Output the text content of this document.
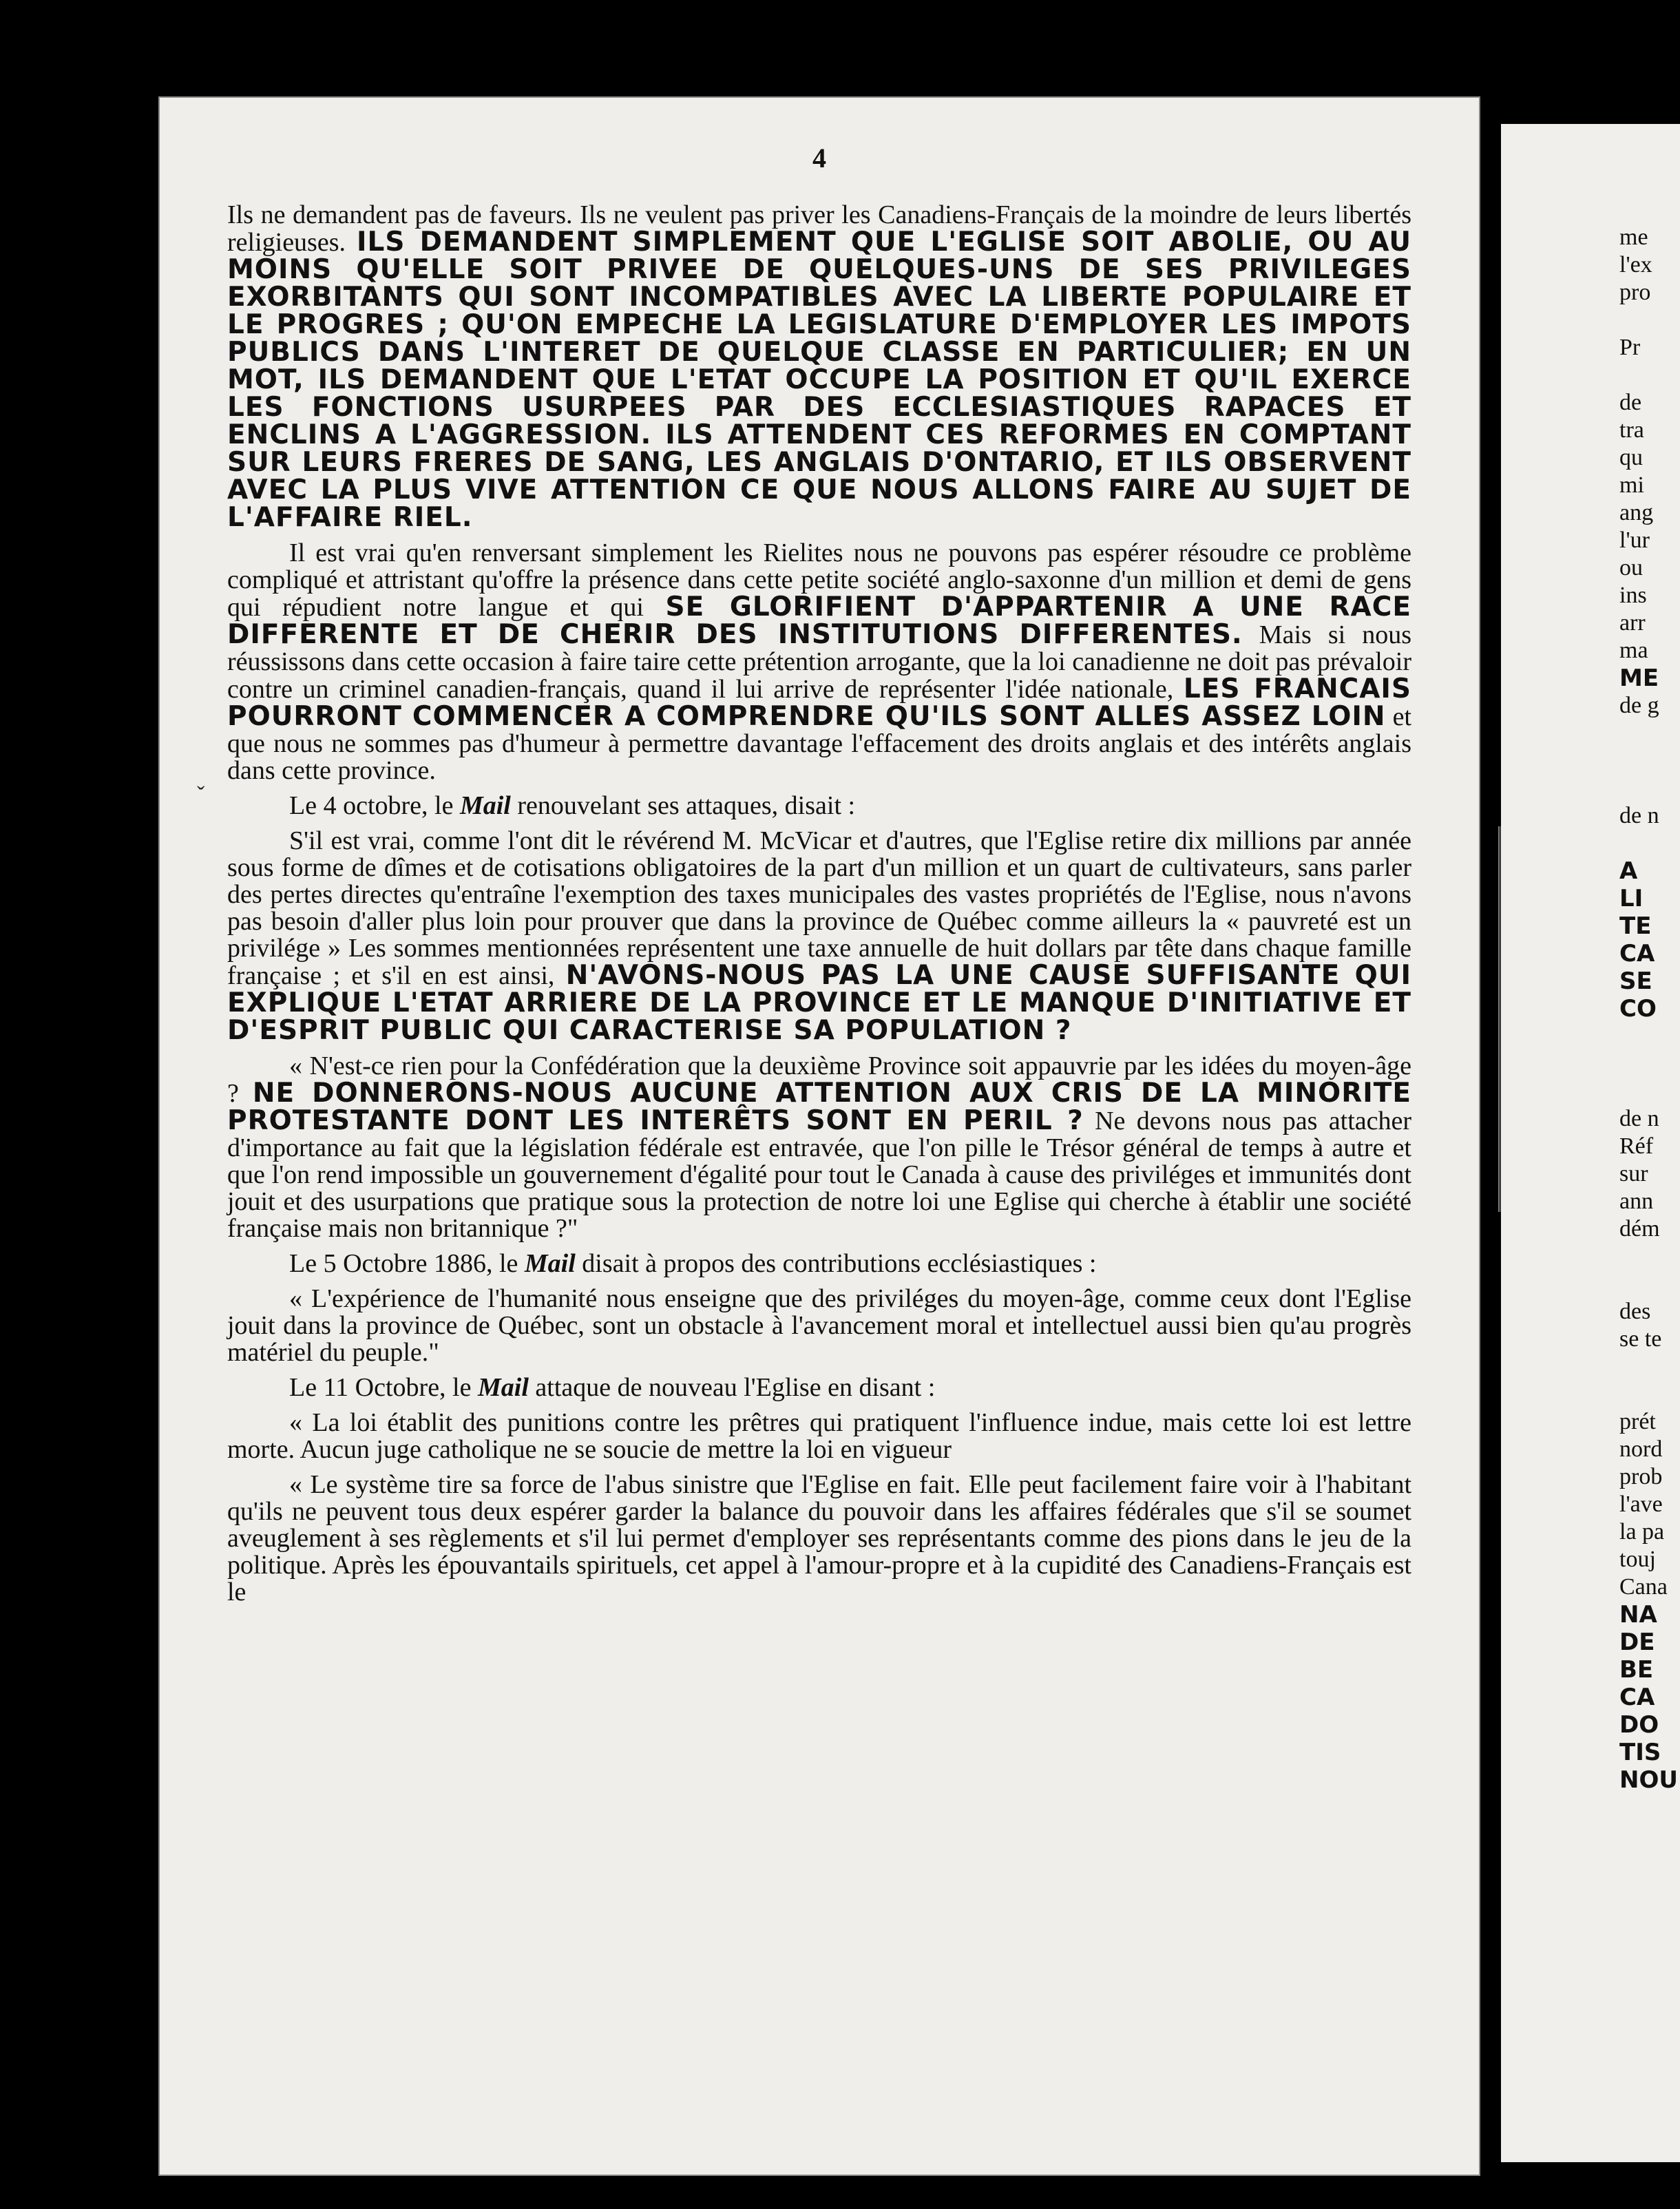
ˇ
4

Ils ne demandent pas de faveurs. Ils ne veulent pas priver les Canadiens-Français de la moindre de leurs libertés religieuses. ILS DEMANDENT SIMPLEMENT QUE L'EGLISE SOIT ABOLIE, OU AU MOINS QU'ELLE SOIT PRIVEE DE QUELQUES-UNS DE SES PRIVILEGES EXORBITANTS QUI SONT INCOMPATIBLES AVEC LA LIBERTE POPULAIRE ET LE PROGRES ; QU'ON EMPECHE LA LEGISLATURE D'EMPLOYER LES IMPOTS PUBLICS DANS L'INTERET DE QUELQUE CLASSE EN PARTICULIER; EN UN MOT, ILS DEMANDENT QUE L'ETAT OCCUPE LA POSITION ET QU'IL EXERCE LES FONCTIONS USURPEES PAR DES ECCLESIASTIQUES RAPACES ET ENCLINS A L'AGGRESSION. ILS ATTENDENT CES REFORMES EN COMPTANT SUR LEURS FRERES DE SANG, LES ANGLAIS D'ONTARIO, ET ILS OBSERVENT AVEC LA PLUS VIVE ATTENTION CE QUE NOUS ALLONS FAIRE AU SUJET DE L'AFFAIRE RIEL.

Il est vrai qu'en renversant simplement les Rielites nous ne pouvons pas espérer résoudre ce problème compliqué et attristant qu'offre la présence dans cette petite société anglo-saxonne d'un million et demi de gens qui répudient notre langue et qui SE GLORIFIENT D'APPARTENIR A UNE RACE DIFFERENTE ET DE CHERIR DES INSTITUTIONS DIFFERENTES. Mais si nous réussissons dans cette occasion à faire taire cette prétention arrogante, que la loi canadienne ne doit pas prévaloir contre un criminel canadien-français, quand il lui arrive de représenter l'idée nationale, LES FRANCAIS POURRONT COMMENCER A COMPRENDRE QU'ILS SONT ALLES ASSEZ LOIN et que nous ne sommes pas d'humeur à permettre davantage l'effacement des droits anglais et des intérêts anglais dans cette province.

Le 4 octobre, le Mail renouvelant ses attaques, disait :

S'il est vrai, comme l'ont dit le révérend M. McVicar et d'autres, que l'Eglise retire dix millions par année sous forme de dîmes et de cotisations obligatoires de la part d'un million et un quart de cultivateurs, sans parler des pertes directes qu'entraîne l'exemption des taxes municipales des vastes propriétés de l'Eglise, nous n'avons pas besoin d'aller plus loin pour prouver que dans la province de Québec comme ailleurs la « pauvreté est un privilége » Les sommes mentionnées représentent une taxe annuelle de huit dollars par tête dans chaque famille française ; et s'il en est ainsi, N'AVONS-NOUS PAS LA UNE CAUSE SUFFISANTE QUI EXPLIQUE L'ETAT ARRIERE DE LA PROVINCE ET LE MANQUE D'INITIATIVE ET D'ESPRIT PUBLIC QUI CARACTERISE SA POPULATION ?

« N'est-ce rien pour la Confédération que la deuxième Province soit appauvrie par les idées du moyen-âge ? NE DONNERONS-NOUS AUCUNE ATTENTION AUX CRIS DE LA MINORITE PROTESTANTE DONT LES INTERÊTS SONT EN PERIL ? Ne devons nous pas attacher d'importance au fait que la législation fédérale est entravée, que l'on pille le Trésor général de temps à autre et que l'on rend impossible un gouvernement d'égalité pour tout le Canada à cause des priviléges et immunités dont jouit et des usurpations que pratique sous la protection de notre loi une Eglise qui cherche à établir une société française mais non britannique ?"

Le 5 Octobre 1886, le Mail disait à propos des contributions ecclésiastiques :

« L'expérience de l'humanité nous enseigne que des priviléges du moyen-âge, comme ceux dont l'Eglise jouit dans la province de Québec, sont un obstacle à l'avancement moral et intellectuel aussi bien qu'au progrès matériel du peuple."

Le 11 Octobre, le Mail attaque de nouveau l'Eglise en disant :

« La loi établit des punitions contre les prêtres qui pratiquent l'influence indue, mais cette loi est lettre morte. Aucun juge catholique ne se soucie de mettre la loi en vigueur

« Le système tire sa force de l'abus sinistre que l'Eglise en fait. Elle peut facilement faire voir à l'habitant qu'ils ne peuvent tous deux espérer garder la balance du pouvoir dans les affaires fédérales que s'il se soumet aveuglement à ses règlements et s'il lui permet d'employer ses représentants comme des pions dans le jeu de la politique. Après les épouvantails spirituels, cet appel à l'amour-propre et à la cupidité des Canadiens-Français est le

me
l'ex
pro
Pr
de
tra
qu
mi
ang
l'ur
ou
ins
arr
ma
ME
de g
de n
A
LI
TE
CA
SE
CO
de n
Réf
sur
ann
dém
des
se te
prét
nord
prob
l'ave
la pa
touj
Cana
NA
DE
BE
CA
DO
TIS
NOU
